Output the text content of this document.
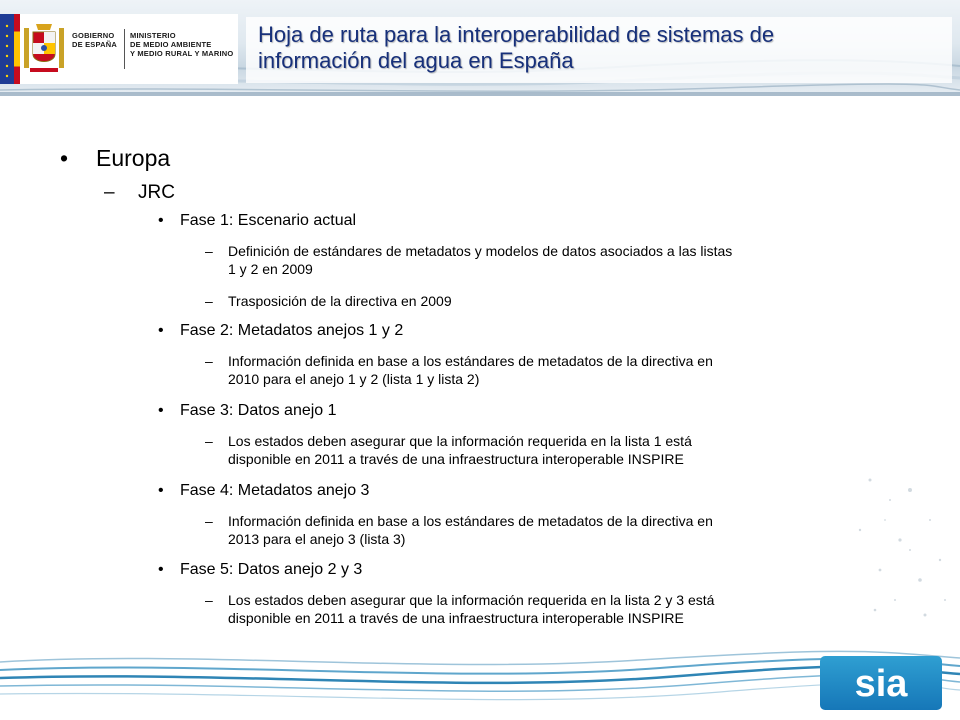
GOBIERNO
DE ESPAÑA
MINISTERIO
DE MEDIO AMBIENTE
Y MEDIO RURAL Y MARINO
Hoja de ruta para la interoperabilidad de sistemas de
información del agua en España
• Europa
– JRC
• Fase 1: Escenario actual
– Definición de estándares de metadatos y modelos de datos asociados a las listas
1 y 2 en 2009
– Trasposición de la directiva en 2009
• Fase 2: Metadatos anejos 1 y 2
– Información definida en base a los estándares de metadatos de la directiva en
2010 para el anejo 1 y 2 (lista 1 y lista 2)
• Fase 3: Datos anejo 1
– Los estados deben asegurar que la información requerida en la lista 1 está
disponible en 2011 a través de una infraestructura interoperable INSPIRE
• Fase 4: Metadatos anejo 3
– Información definida en base a los estándares de metadatos de la directiva en
2013 para el anejo 3 (lista 3)
• Fase 5: Datos anejo 2 y 3
– Los estados deben asegurar que la información requerida en la lista 2 y 3 está
disponible en 2011 a través de una infraestructura interoperable INSPIRE
sia
